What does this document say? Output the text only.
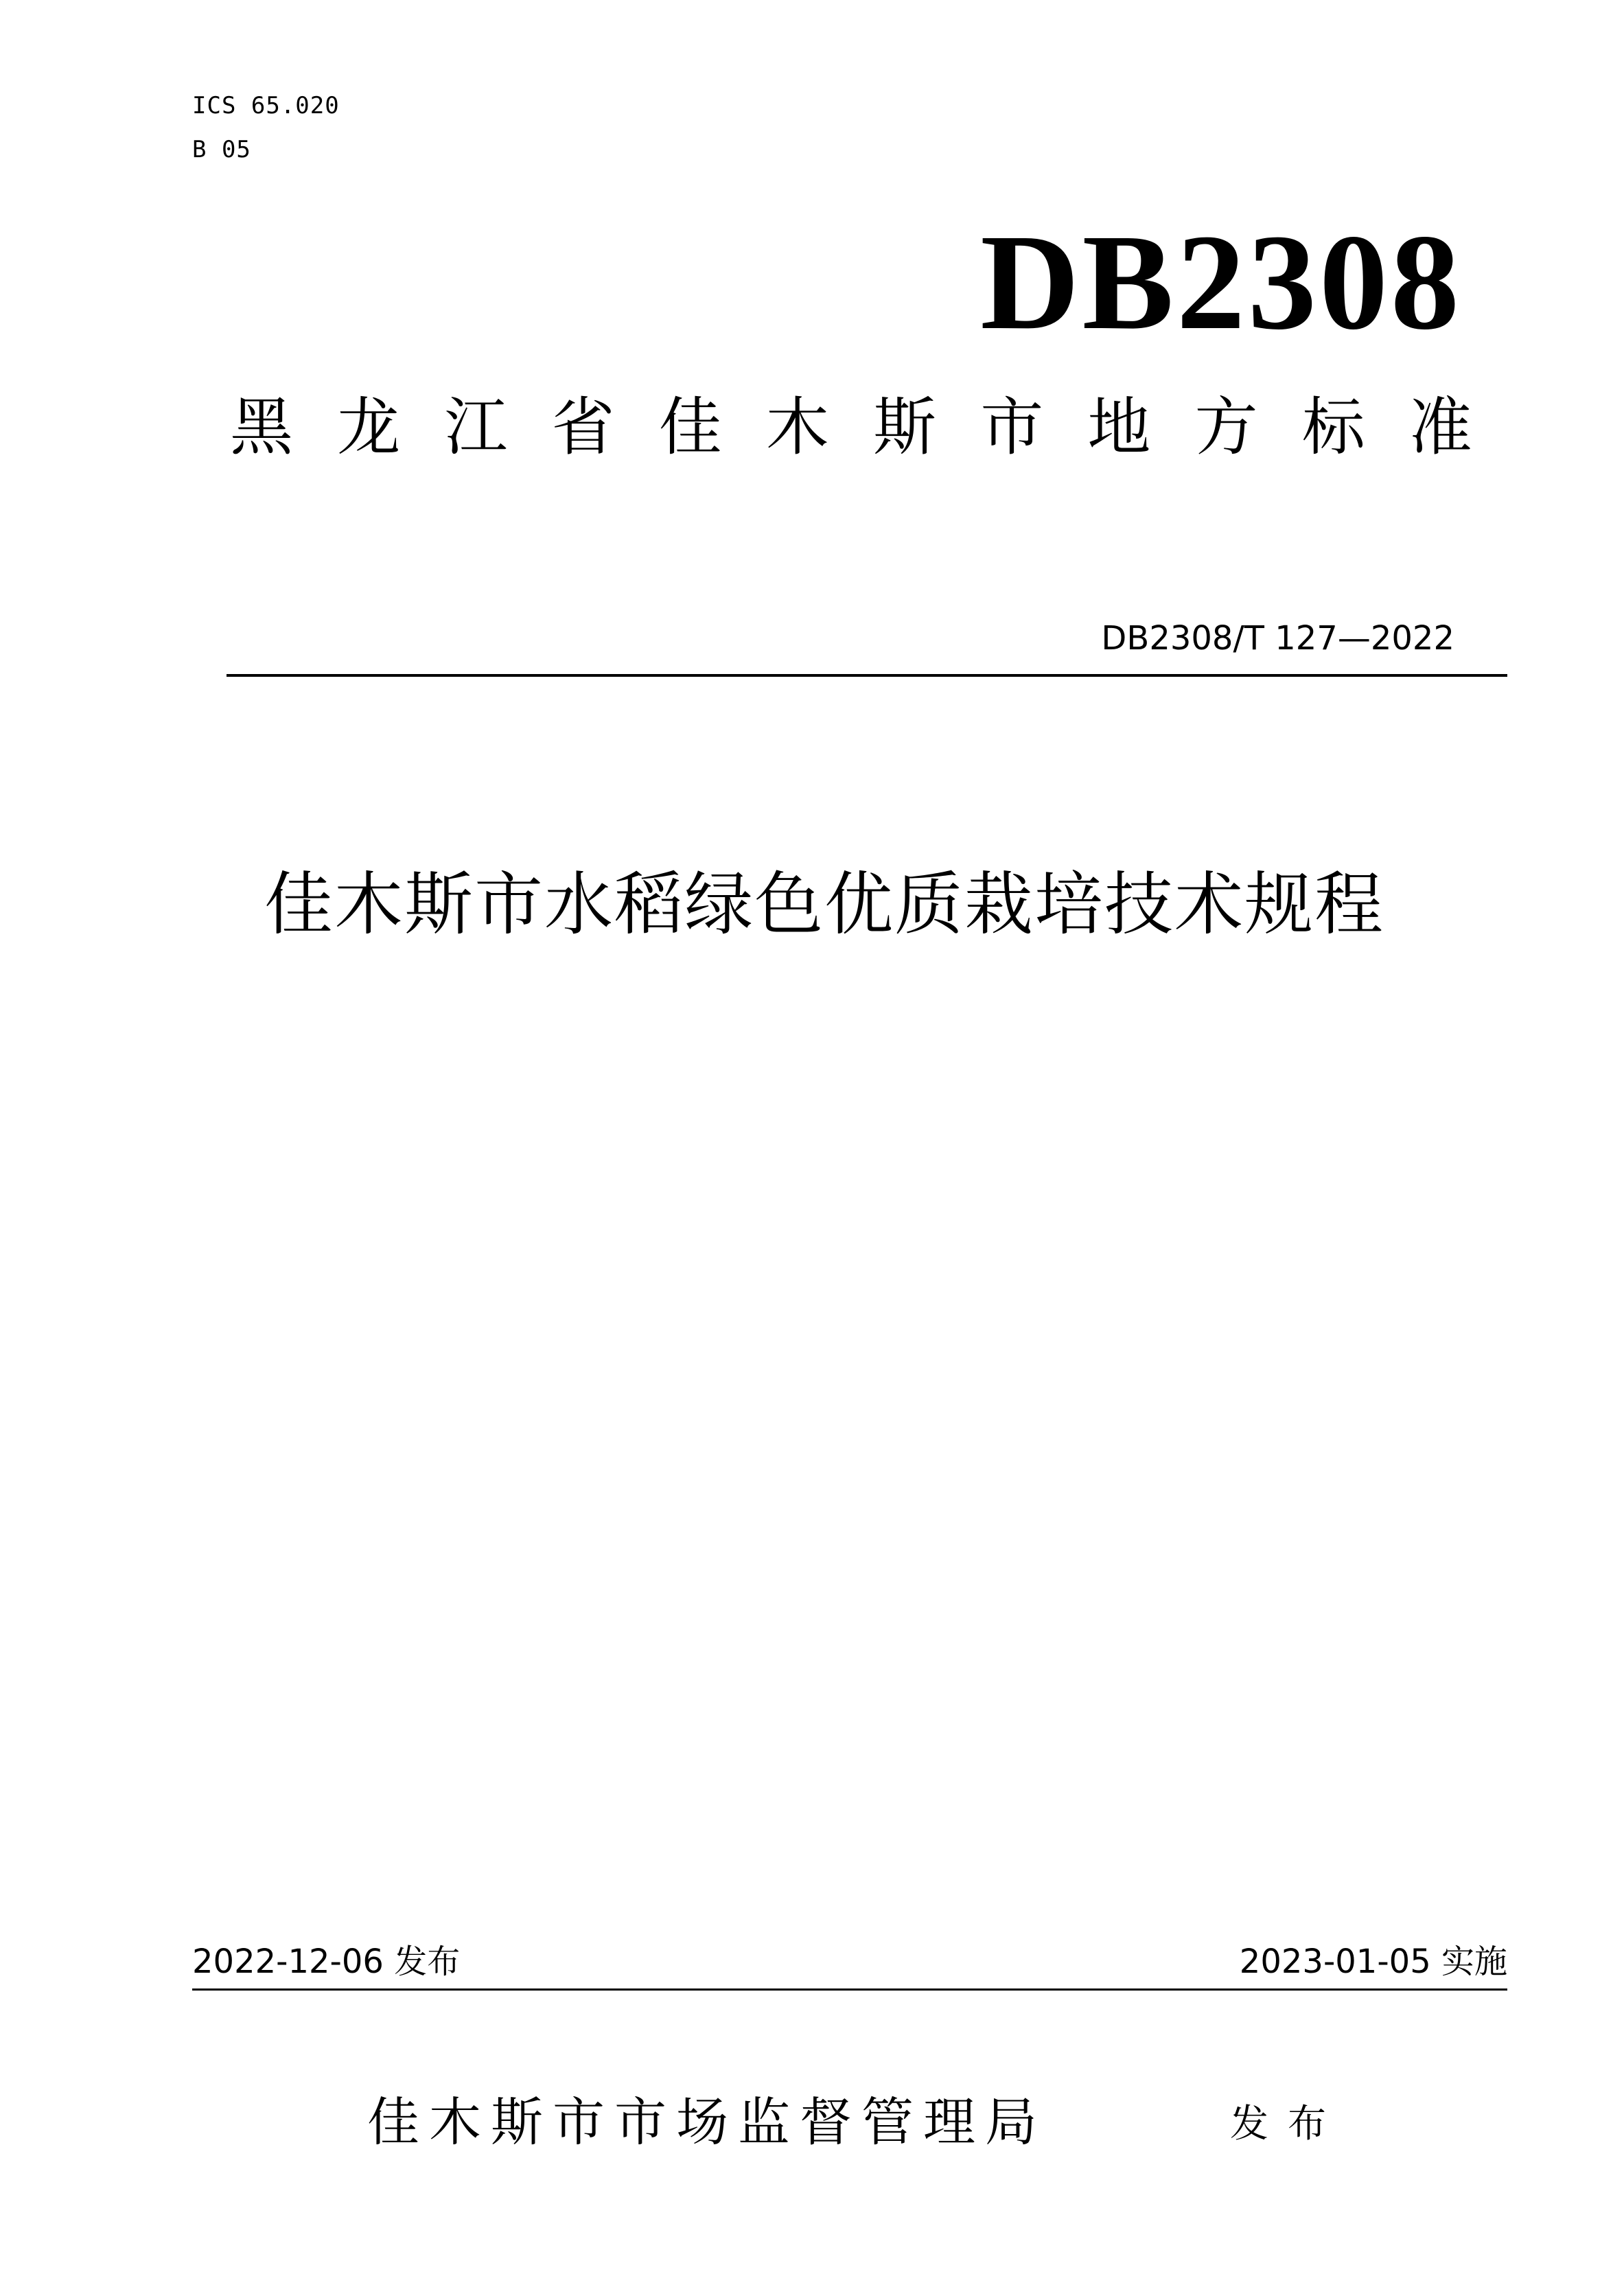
ICS 65.020
B 05
DB2308
黑 龙 江 省 佳 木 斯 市 地 方 标 准
DB2308/T 127—2022
佳木斯市水稻绿色优质栽培技术规程
2022-12-06 发布	2023-01-05 实施
佳木斯市市场监督管理局	发布
